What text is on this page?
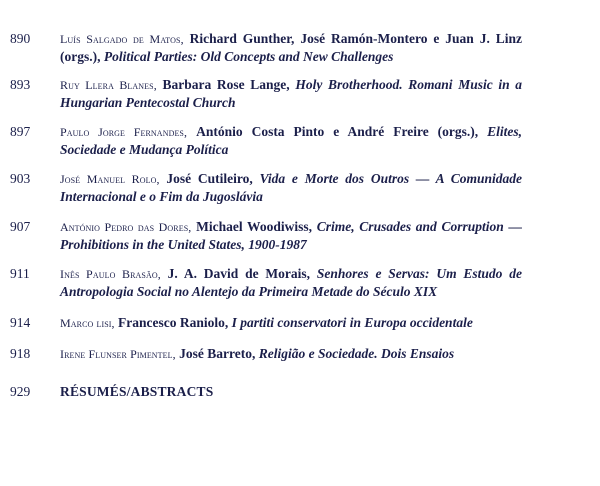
890	Luís Salgado de Matos, Richard Gunther, José Ramón-Montero e Juan J. Linz (orgs.), Political Parties: Old Concepts and New Challenges
893	Ruy Llera Blanes, Barbara Rose Lange, Holy Brotherhood. Romani Music in a Hungarian Pentecostal Church
897	Paulo Jorge Fernandes, António Costa Pinto e André Freire (orgs.), Elites, Sociedade e Mudança Política
903	José Manuel Rolo, José Cutileiro, Vida e Morte dos Outros — A Comunidade Internacional e o Fim da Jugoslávia
907	António Pedro das Dores, Michael Woodiwiss, Crime, Crusades and Corruption — Prohibitions in the United States, 1900-1987
911	Inês Paulo Brasão, J. A. David de Morais, Senhores e Servas: Um Estudo de Antropologia Social no Alentejo da Primeira Metade do Século XIX
914	Marco lisi, Francesco Raniolo, I partiti conservatori in Europa occidentale
918	Irene Flunser Pimentel, José Barreto, Religião e Sociedade. Dois Ensaios
929	RÉSUMÉS/ABSTRACTS
